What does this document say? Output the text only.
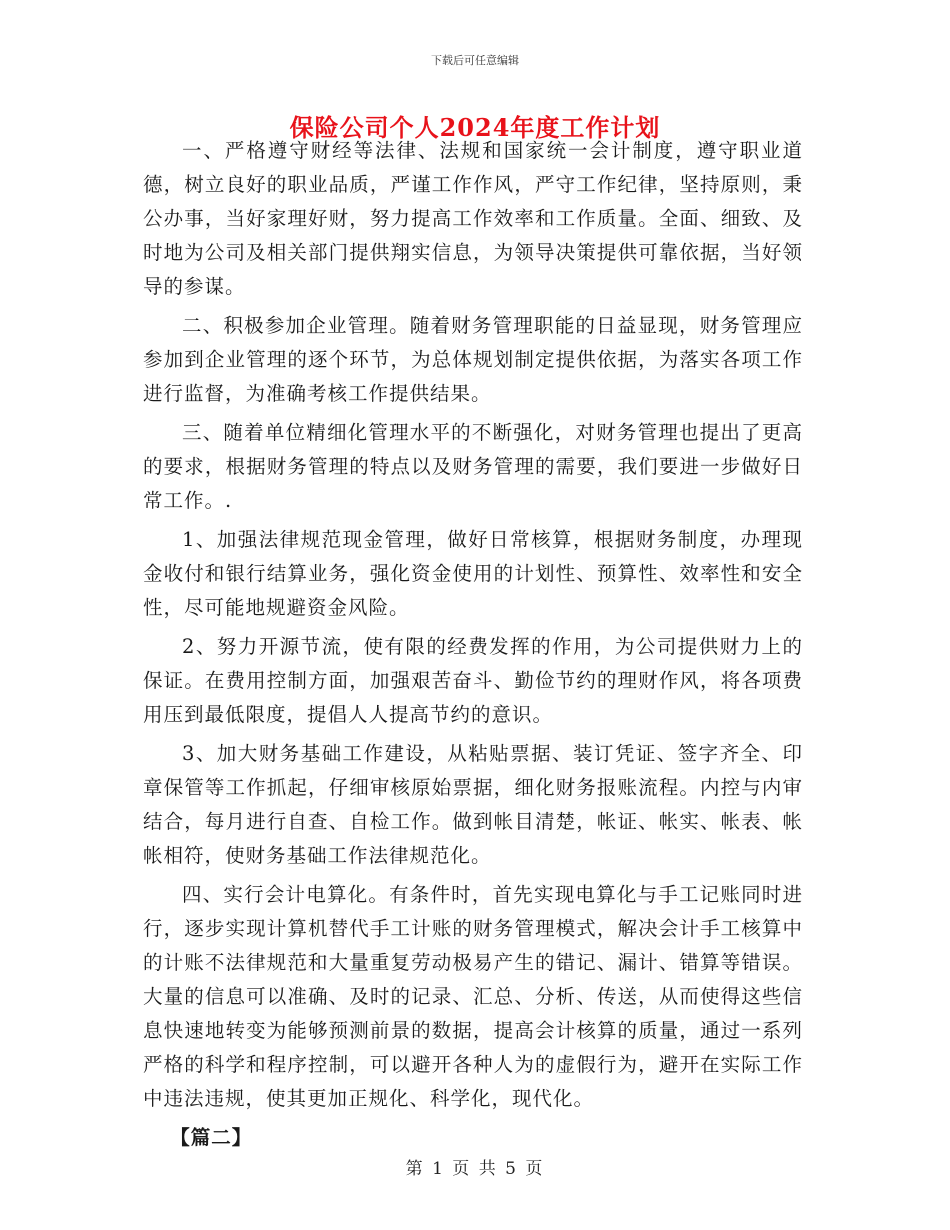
下载后可任意编辑
保险公司个人2024年度工作计划

一、严格遵守财经等法律、法规和国家统一会计制度，遵守职业道德，树立良好的职业品质，严谨工作作风，严守工作纪律，坚持原则，秉公办事，当好家理好财，努力提高工作效率和工作质量。全面、细致、及时地为公司及相关部门提供翔实信息，为领导决策提供可靠依据，当好领导的参谋。

二、积极参加企业管理。随着财务管理职能的日益显现，财务管理应参加到企业管理的逐个环节，为总体规划制定提供依据，为落实各项工作进行监督，为准确考核工作提供结果。

三、随着单位精细化管理水平的不断强化，对财务管理也提出了更高的要求，根据财务管理的特点以及财务管理的需要，我们要进一步做好日常工作。.

1、加强法律规范现金管理，做好日常核算，根据财务制度，办理现金收付和银行结算业务，强化资金使用的计划性、预算性、效率性和安全性，尽可能地规避资金风险。

2、努力开源节流，使有限的经费发挥的作用，为公司提供财力上的保证。在费用控制方面，加强艰苦奋斗、勤俭节约的理财作风，将各项费用压到最低限度，提倡人人提高节约的意识。

3、加大财务基础工作建设，从粘贴票据、装订凭证、签字齐全、印章保管等工作抓起，仔细审核原始票据，细化财务报账流程。内控与内审结合，每月进行自查、自检工作。做到帐目清楚，帐证、帐实、帐表、帐帐相符，使财务基础工作法律规范化。

四、实行会计电算化。有条件时，首先实现电算化与手工记账同时进行，逐步实现计算机替代手工计账的财务管理模式，解决会计手工核算中的计账不法律规范和大量重复劳动极易产生的错记、漏计、错算等错误。大量的信息可以准确、及时的记录、汇总、分析、传送，从而使得这些信息快速地转变为能够预测前景的数据，提高会计核算的质量，通过一系列严格的科学和程序控制，可以避开各种人为的虚假行为，避开在实际工作中违法违规，使其更加正规化、科学化，现代化。

【篇二】

第 1 页 共 5 页
